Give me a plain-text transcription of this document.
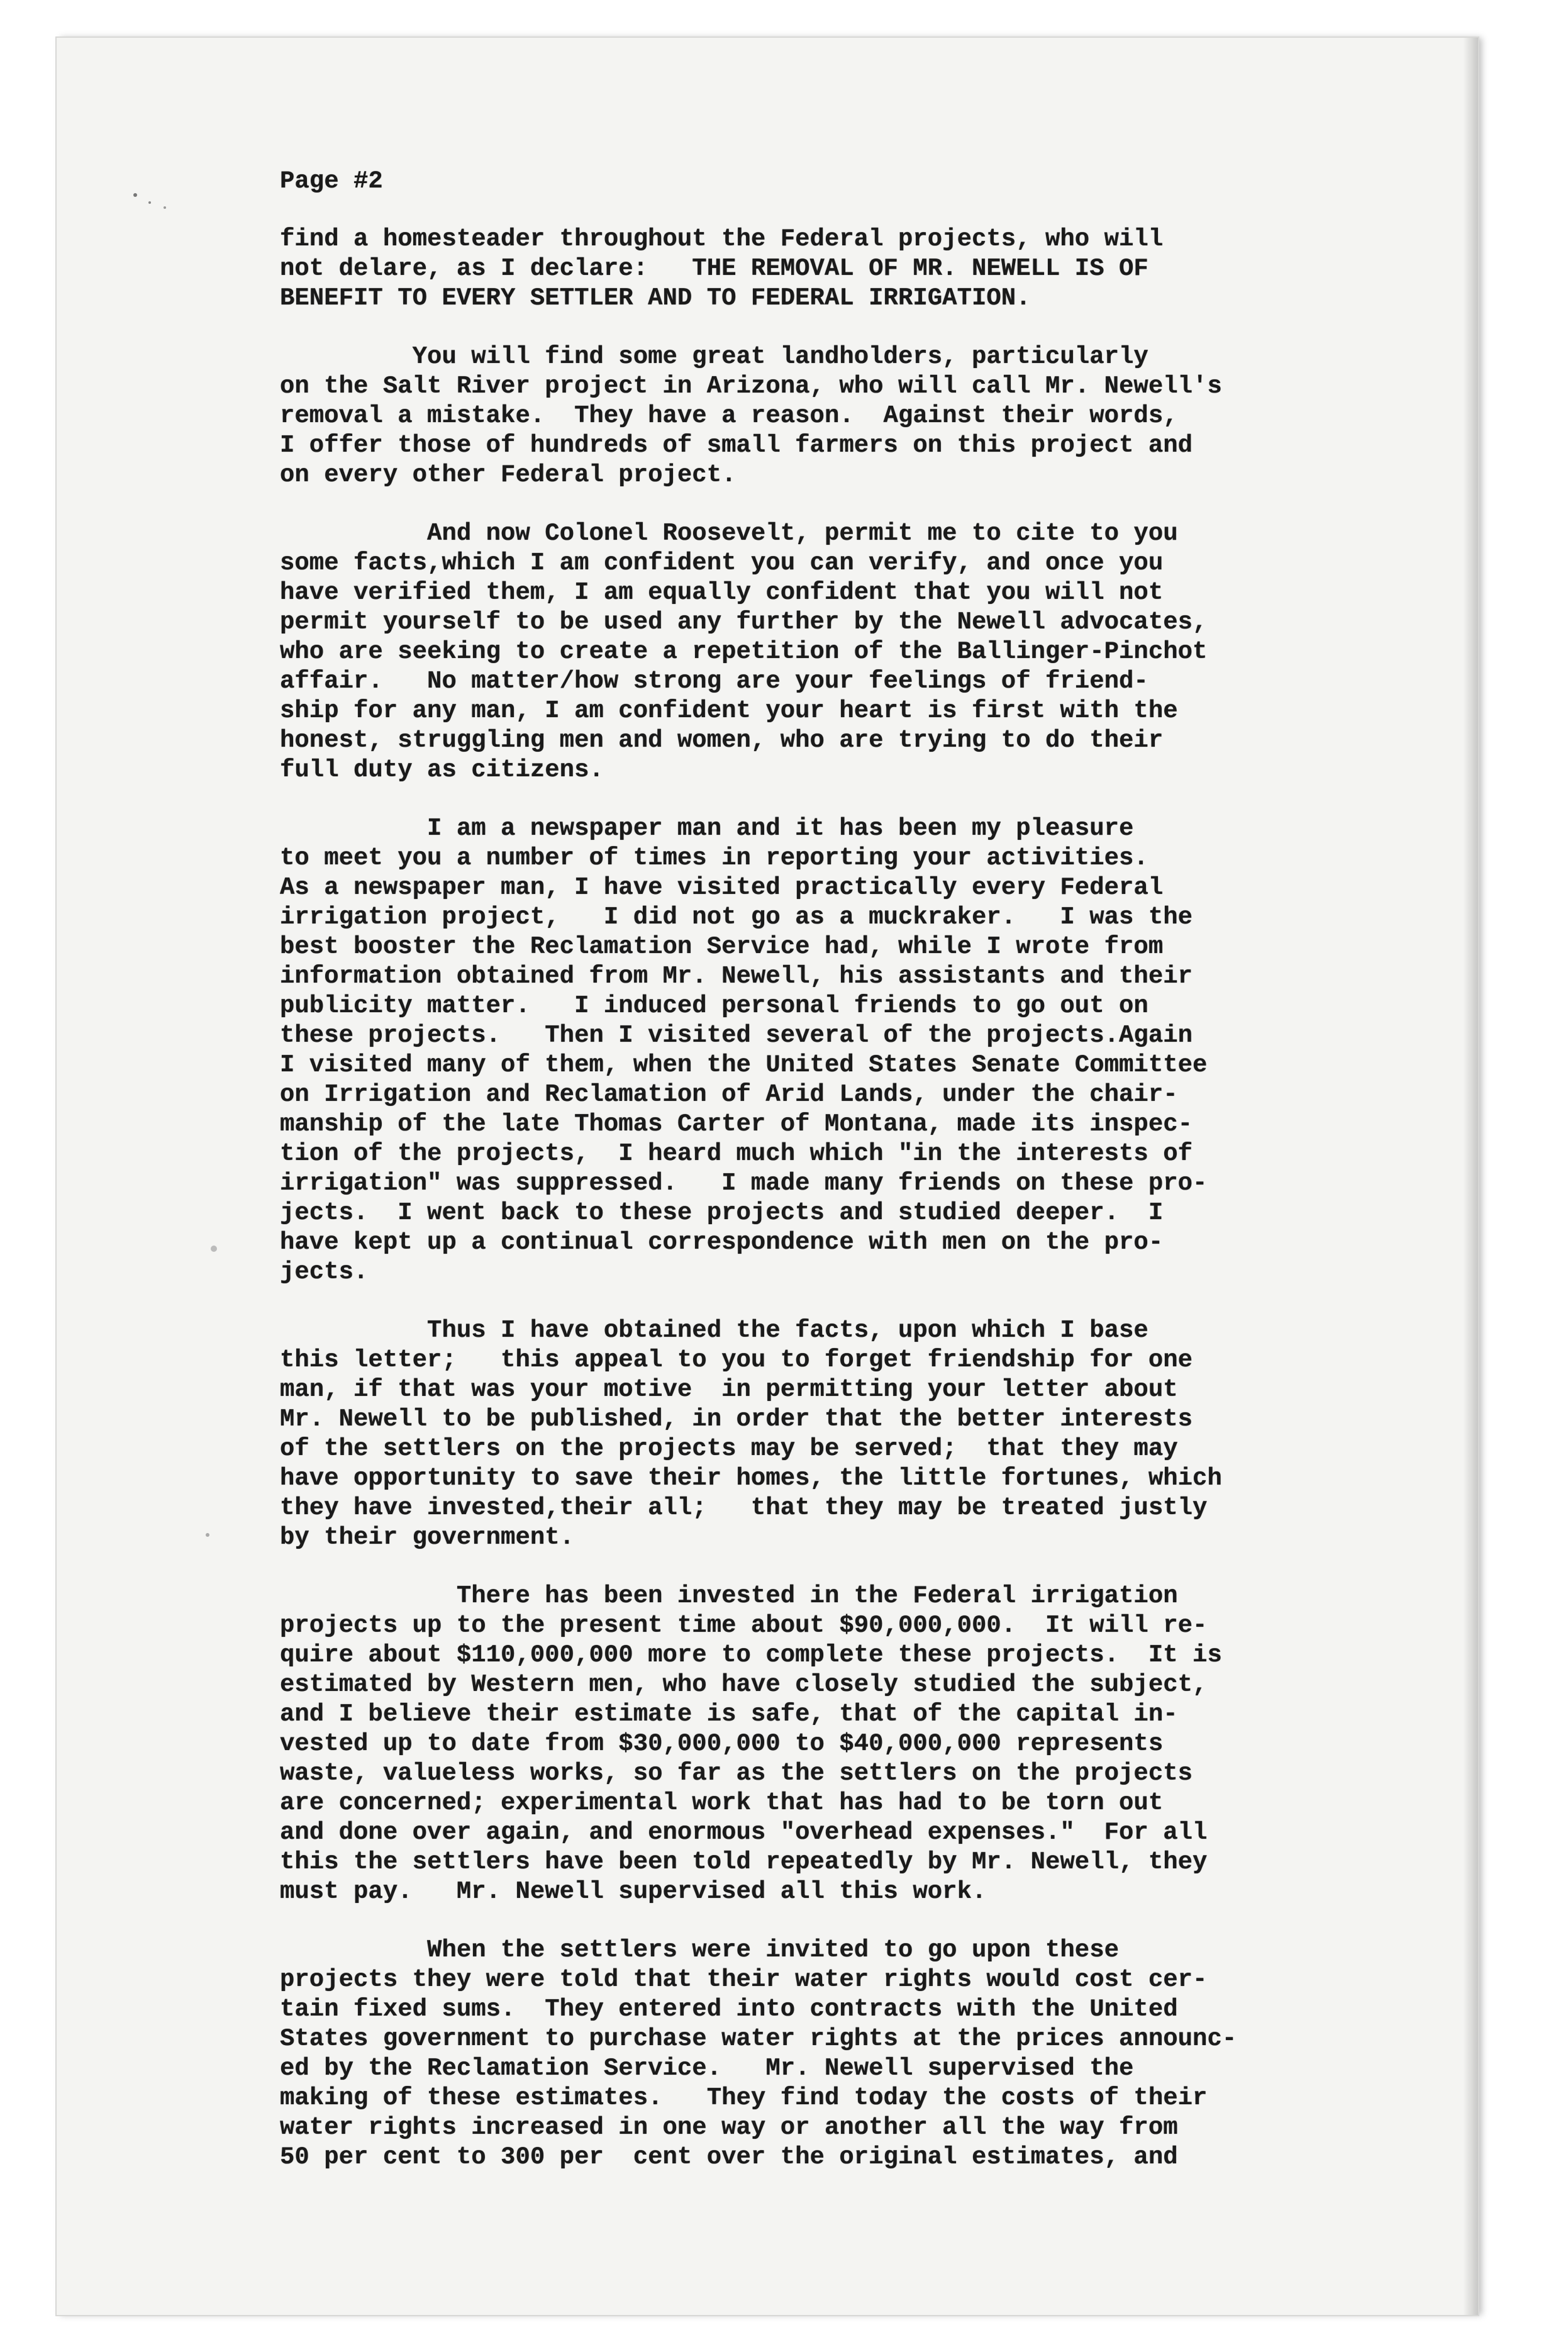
Page #2
find a homesteader throughout the Federal projects, who will
not delare, as I declare:   THE REMOVAL OF MR. NEWELL IS OF
BENEFIT TO EVERY SETTLER AND TO FEDERAL IRRIGATION.
You will find some great landholders, particularly
on the Salt River project in Arizona, who will call Mr. Newell's
removal a mistake.  They have a reason.  Against their words,
I offer those of hundreds of small farmers on this project and
on every other Federal project.
And now Colonel Roosevelt, permit me to cite to you
some facts,which I am confident you can verify, and once you
have verified them, I am equally confident that you will not
permit yourself to be used any further by the Newell advocates,
who are seeking to create a repetition of the Ballinger-Pinchot
affair.   No matter/how strong are your feelings of friend-
ship for any man, I am confident your heart is first with the
honest, struggling men and women, who are trying to do their
full duty as citizens.
I am a newspaper man and it has been my pleasure
to meet you a number of times in reporting your activities.
As a newspaper man, I have visited practically every Federal
irrigation project,   I did not go as a muckraker.   I was the
best booster the Reclamation Service had, while I wrote from
information obtained from Mr. Newell, his assistants and their
publicity matter.   I induced personal friends to go out on
these projects.   Then I visited several of the projects.Again
I visited many of them, when the United States Senate Committee
on Irrigation and Reclamation of Arid Lands, under the chair-
manship of the late Thomas Carter of Montana, made its inspec-
tion of the projects,  I heard much which "in the interests of
irrigation" was suppressed.   I made many friends on these pro-
jects.  I went back to these projects and studied deeper.  I
have kept up a continual correspondence with men on the pro-
jects.
Thus I have obtained the facts, upon which I base
this letter;   this appeal to you to forget friendship for one
man, if that was your motive  in permitting your letter about
Mr. Newell to be published, in order that the better interests
of the settlers on the projects may be served;  that they may
have opportunity to save their homes, the little fortunes, which
they have invested,their all;   that they may be treated justly
by their government.
There has been invested in the Federal irrigation
projects up to the present time about $90,000,000.  It will re-
quire about $110,000,000 more to complete these projects.  It is
estimated by Western men, who have closely studied the subject,
and I believe their estimate is safe, that of the capital in-
vested up to date from $30,000,000 to $40,000,000 represents
waste, valueless works, so far as the settlers on the projects
are concerned; experimental work that has had to be torn out
and done over again, and enormous "overhead expenses."  For all
this the settlers have been told repeatedly by Mr. Newell, they
must pay.   Mr. Newell supervised all this work.
When the settlers were invited to go upon these
projects they were told that their water rights would cost cer-
tain fixed sums.  They entered into contracts with the United
States government to purchase water rights at the prices announc-
ed by the Reclamation Service.   Mr. Newell supervised the
making of these estimates.   They find today the costs of their
water rights increased in one way or another all the way from
50 per cent to 300 per  cent over the original estimates, and
